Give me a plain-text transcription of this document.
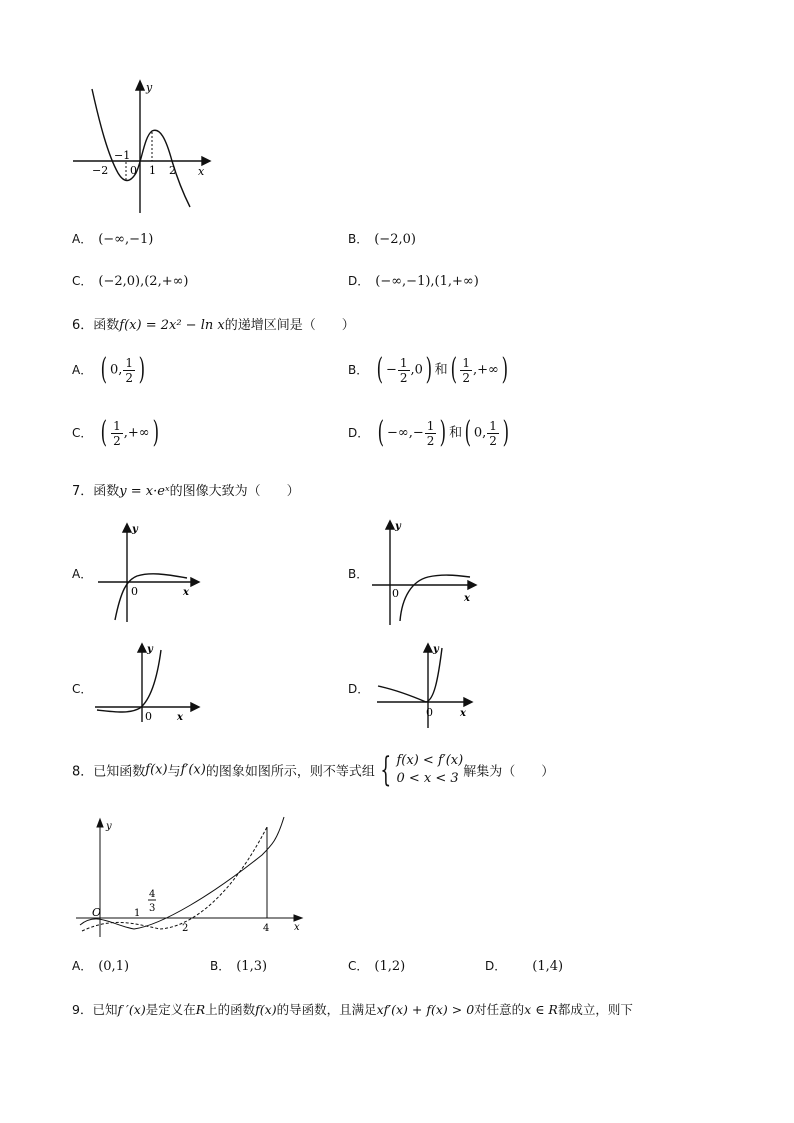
y
x
−2
−1
0 1 2
A． (−∞,−1)	B． (−2,0)
C． (−2,0),(2,+∞)	D． (−∞,−1),(1,+∞)
6．函数f(x) = 2x² − ln x的递增区间是（　　）
A． ( 0, $\frac{1}{2}$ )	B． ( − $\frac{1}{2} ,0$) 和( $\frac{1}{2}$ ,+∞)
C． ( $\frac{1}{2}$ ,+∞)	D． ( −∞,− $\frac{1}{2}$ ) 和( 0, $\frac{1}{2}$ )
7．函数y = x·eˣ的图像大致为（　　）
A．
y
x
0
B．
y
x
0
C．
y
x
0
D．
y
x
0
8．已知函数f(x)与f′(x)的图象如图所示，则不等式组 { f(x) < f′(x)
0 < x < 3 解集为（　　）
y
x
O	1
4
3
2	4
A． (0,1)	B． (1,3)	C． (1,2)	D． (1,4)
9．已知f ′(x)是定义在R上的函数f(x)的导函数，且满足xf′(x) + f(x) > 0对任意的x ∈ R都成立，则下
